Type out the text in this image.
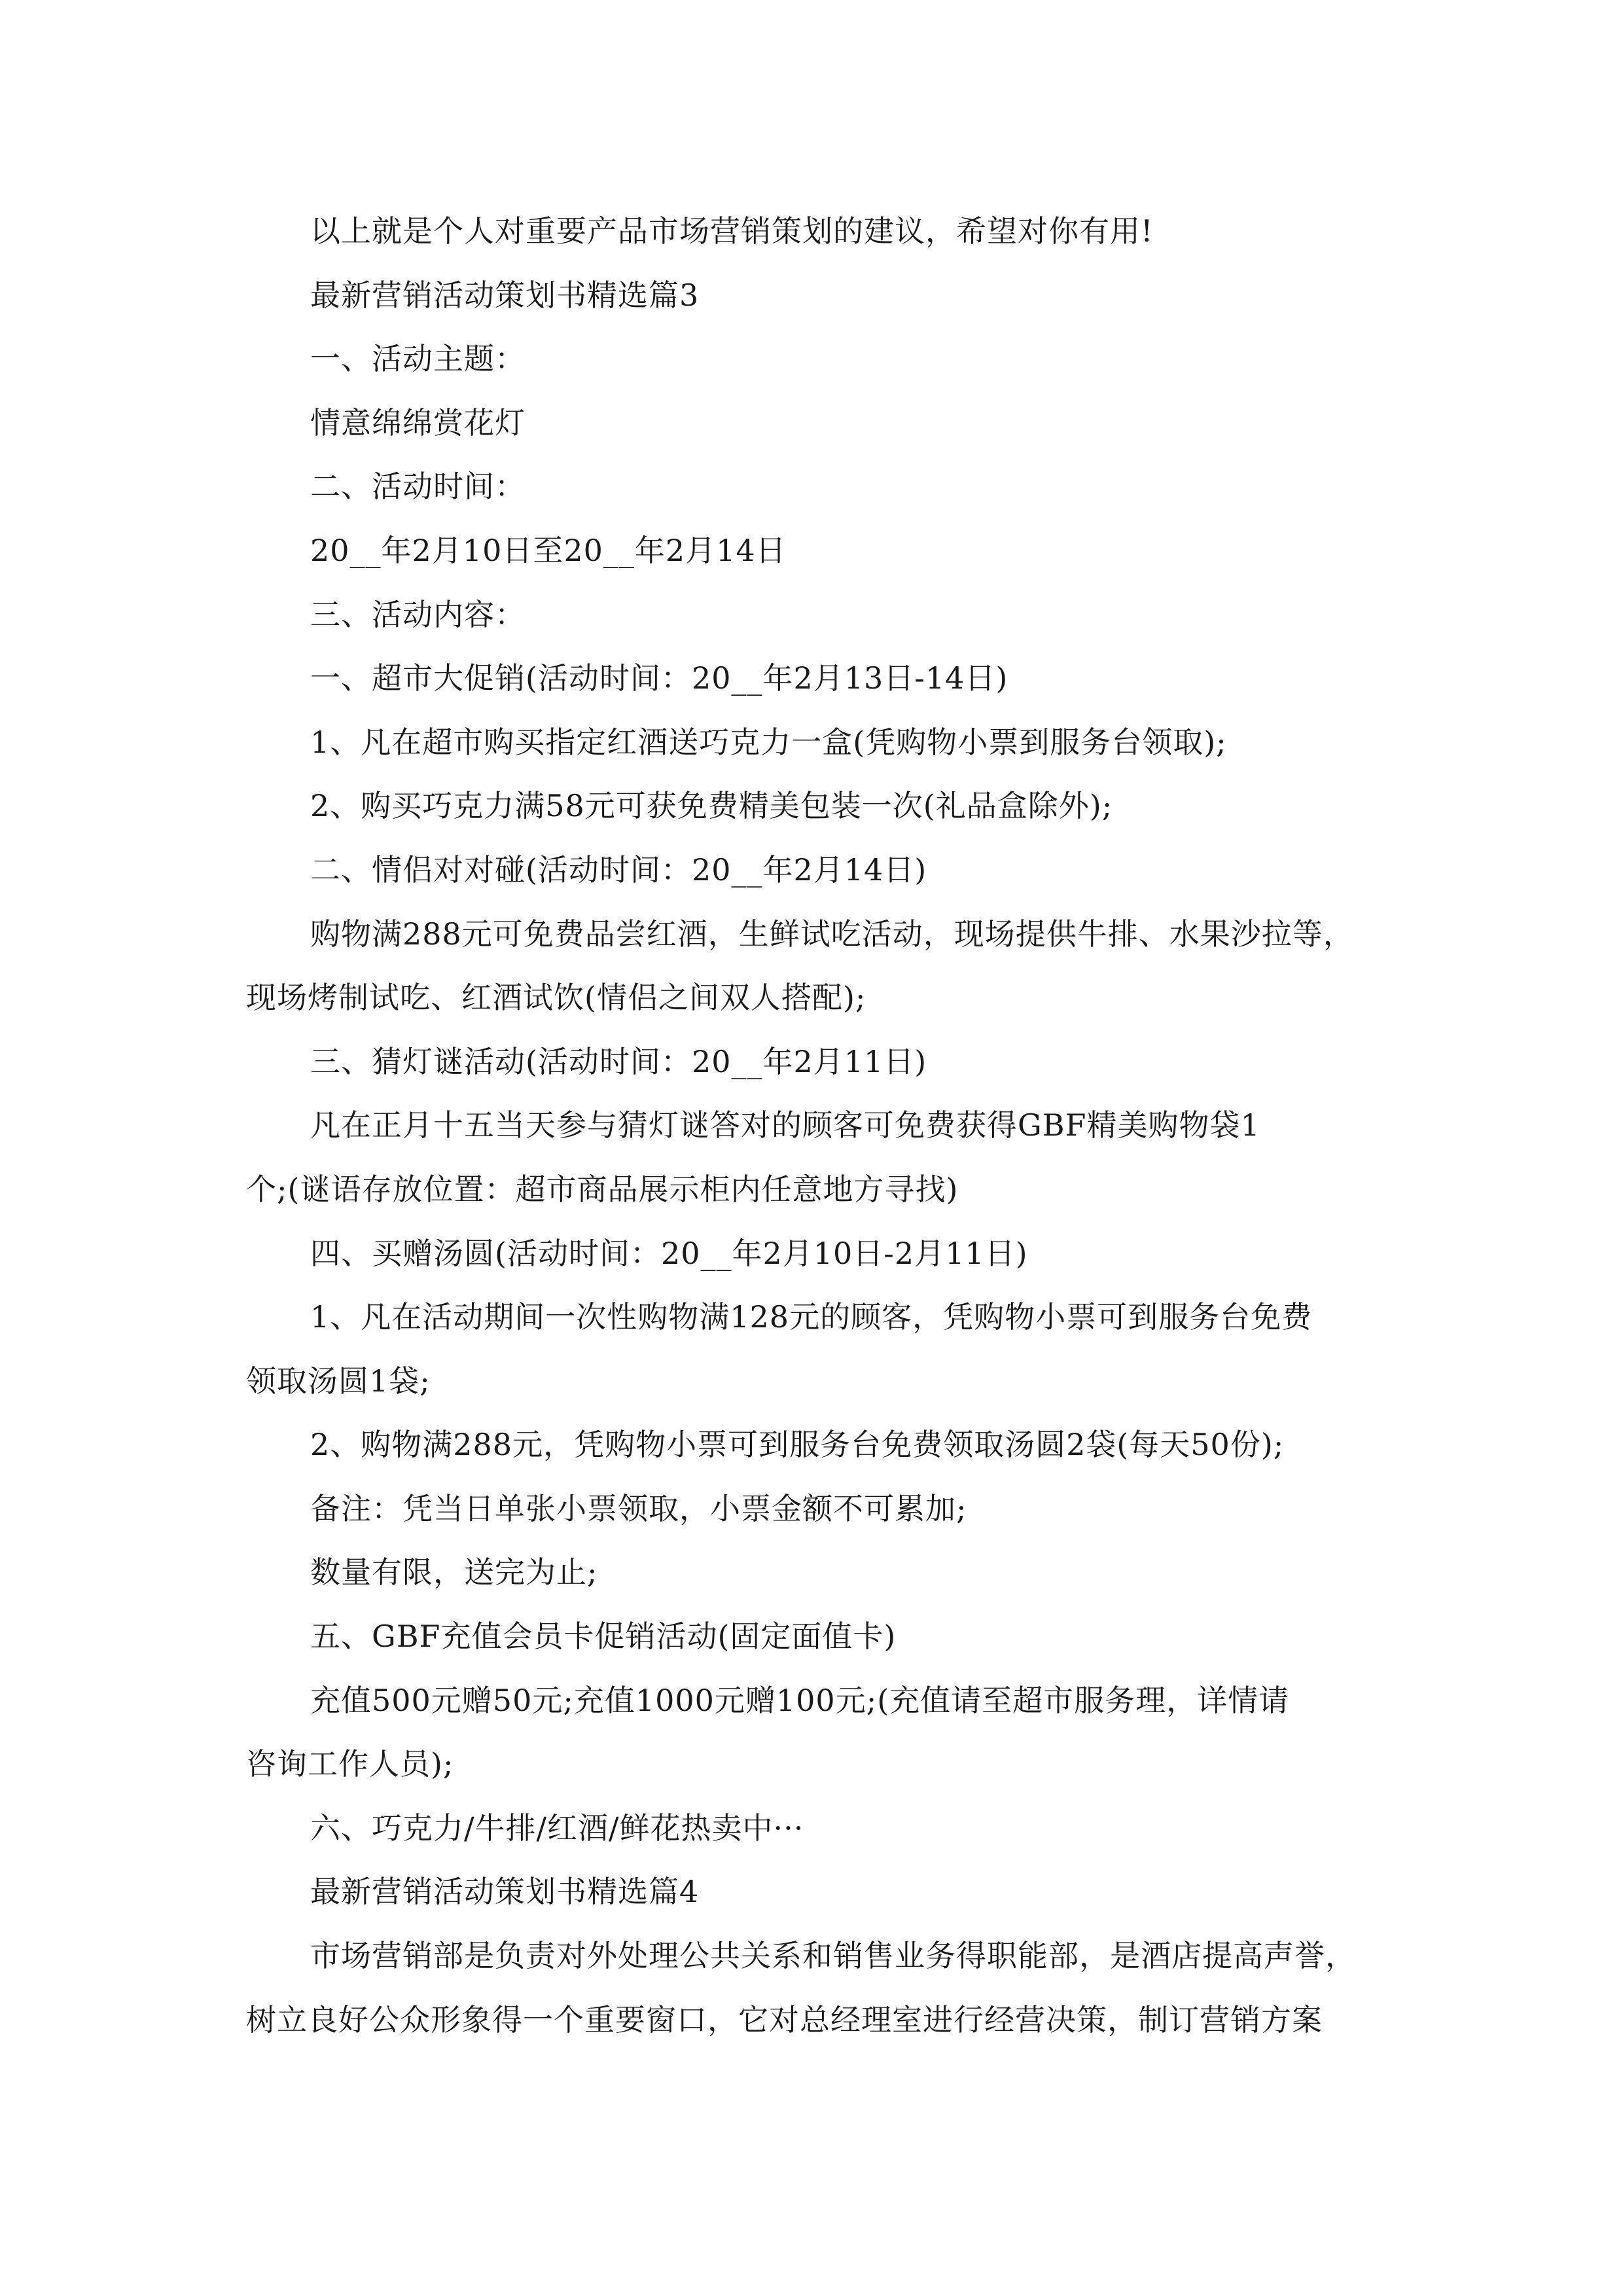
以上就是个人对重要产品市场营销策划的建议，希望对你有用!

最新营销活动策划书精选篇3

一、活动主题：

情意绵绵赏花灯

二、活动时间：

20__年2月10日至20__年2月14日

三、活动内容：

一、超市大促销(活动时间：20__年2月13日-14日)

1、凡在超市购买指定红酒送巧克力一盒(凭购物小票到服务台领取);

2、购买巧克力满58元可获免费精美包装一次(礼品盒除外);

二、情侣对对碰(活动时间：20__年2月14日)

购物满288元可免费品尝红酒，生鲜试吃活动，现场提供牛排、水果沙拉等，

现场烤制试吃、红酒试饮(情侣之间双人搭配);

三、猜灯谜活动(活动时间：20__年2月11日)

凡在正月十五当天参与猜灯谜答对的顾客可免费获得GBF精美购物袋1

个;(谜语存放位置：超市商品展示柜内任意地方寻找)

四、买赠汤圆(活动时间：20__年2月10日-2月11日)

1、凡在活动期间一次性购物满128元的顾客，凭购物小票可到服务台免费

领取汤圆1袋;

2、购物满288元，凭购物小票可到服务台免费领取汤圆2袋(每天50份);

备注：凭当日单张小票领取，小票金额不可累加;

数量有限，送完为止;

五、GBF充值会员卡促销活动(固定面值卡)

充值500元赠50元;充值1000元赠100元;(充值请至超市服务理，详情请

咨询工作人员);

六、巧克力/牛排/红酒/鲜花热卖中···

最新营销活动策划书精选篇4

市场营销部是负责对外处理公共关系和销售业务得职能部，是酒店提高声誉，

树立良好公众形象得一个重要窗口，它对总经理室进行经营决策，制订营销方案
